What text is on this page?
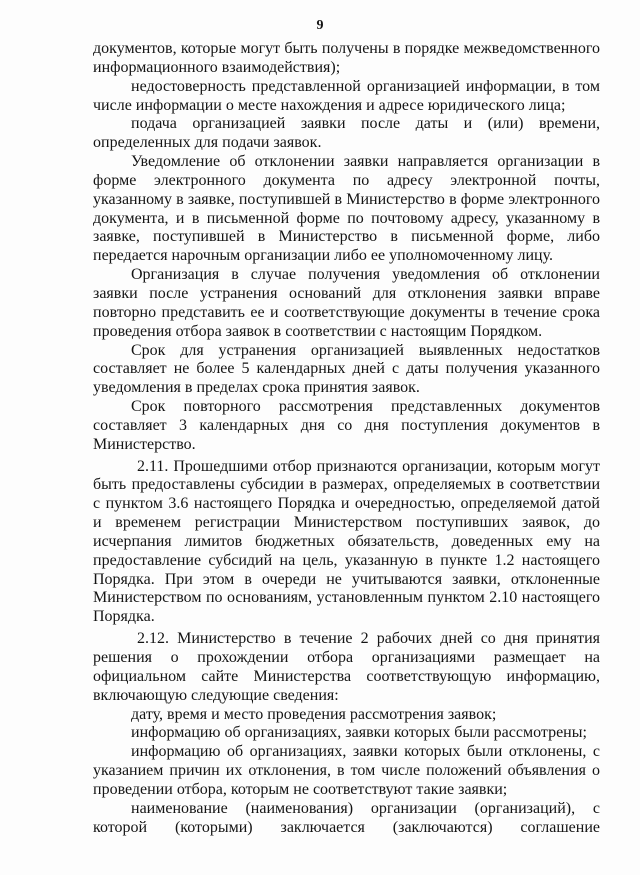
9

документов, которые могут быть получены в порядке межведомственного информационного взаимодействия);

недостоверность представленной организацией информации, в том числе информации о месте нахождения и адресе юридического лица;

подача организацией заявки после даты и (или) времени, определенных для подачи заявок.

Уведомление об отклонении заявки направляется организации в форме электронного документа по адресу электронной почты, указанному в заявке, поступившей в Министерство в форме электронного документа, и в письменной форме по почтовому адресу, указанному в заявке, поступившей в Министерство в письменной форме, либо передается нарочным организации либо ее уполномоченному лицу.

Организация в случае получения уведомления об отклонении заявки после устранения оснований для отклонения заявки вправе повторно представить ее и соответствующие документы в течение срока проведения отбора заявок в соответствии с настоящим Порядком.

Срок для устранения организацией выявленных недостатков составляет не более 5 календарных дней с даты получения указанного уведомления в пределах срока принятия заявок.

Срок повторного рассмотрения представленных документов составляет 3 календарных дня со дня поступления документов в Министерство.

2.11. Прошедшими отбор признаются организации, которым могут быть предоставлены субсидии в размерах, определяемых в соответствии с пунктом 3.6 настоящего Порядка и очередностью, определяемой датой и временем регистрации Министерством поступивших заявок, до исчерпания лимитов бюджетных обязательств, доведенных ему на предоставление субсидий на цель, указанную в пункте 1.2 настоящего Порядка. При этом в очереди не учитываются заявки, отклоненные Министерством по основаниям, установленным пунктом 2.10 настоящего Порядка.

2.12. Министерство в течение 2 рабочих дней со дня принятия решения о прохождении отбора организациями размещает на официальном сайте Министерства соответствующую информацию, включающую следующие сведения:

дату, время и место проведения рассмотрения заявок;

информацию об организациях, заявки которых были рассмотрены;

информацию об организациях, заявки которых были отклонены, с указанием причин их отклонения, в том числе положений объявления о проведении отбора, которым не соответствуют такие заявки;

наименование (наименования) организации (организаций), с которой (которыми) заключается (заключаются) соглашение
